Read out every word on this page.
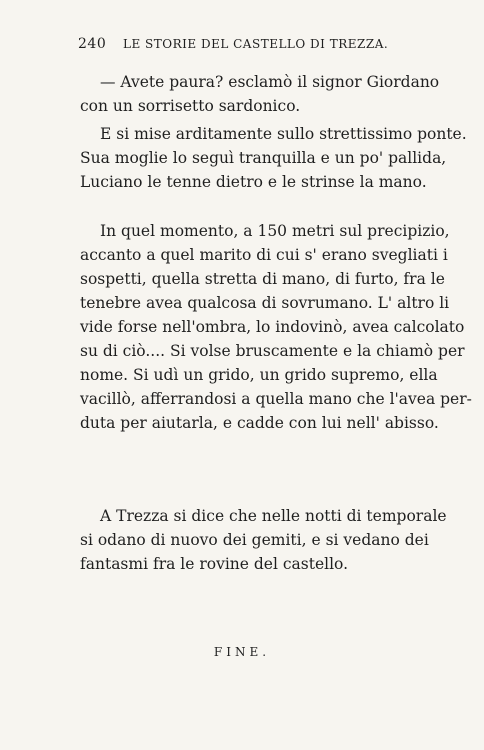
240	LE STORIE DEL CASTELLO DI TREZZA.
— Avete paura? esclamò il signor Giordano
con un sorrisetto sardonico.
E si mise arditamente sullo strettissimo ponte.
Sua moglie lo seguì tranquilla e un po' pallida,
Luciano le tenne dietro e le strinse la mano.
In quel momento, a 150 metri sul precipizio,
accanto a quel marito di cui s' erano svegliati i
sospetti, quella stretta di mano, di furto, fra le
tenebre avea qualcosa di sovrumano. L' altro li
vide forse nell'ombra, lo indovinò, avea calcolato
su di ciò.... Si volse bruscamente e la chiamò per
nome. Si udì un grido, un grido supremo, ella
vacillò, afferrandosi a quella mano che l'avea per-
duta per aiutarla, e cadde con lui nell' abisso.
A Trezza si dice che nelle notti di temporale
si odano di nuovo dei gemiti, e si vedano dei
fantasmi fra le rovine del castello.
FINE.
